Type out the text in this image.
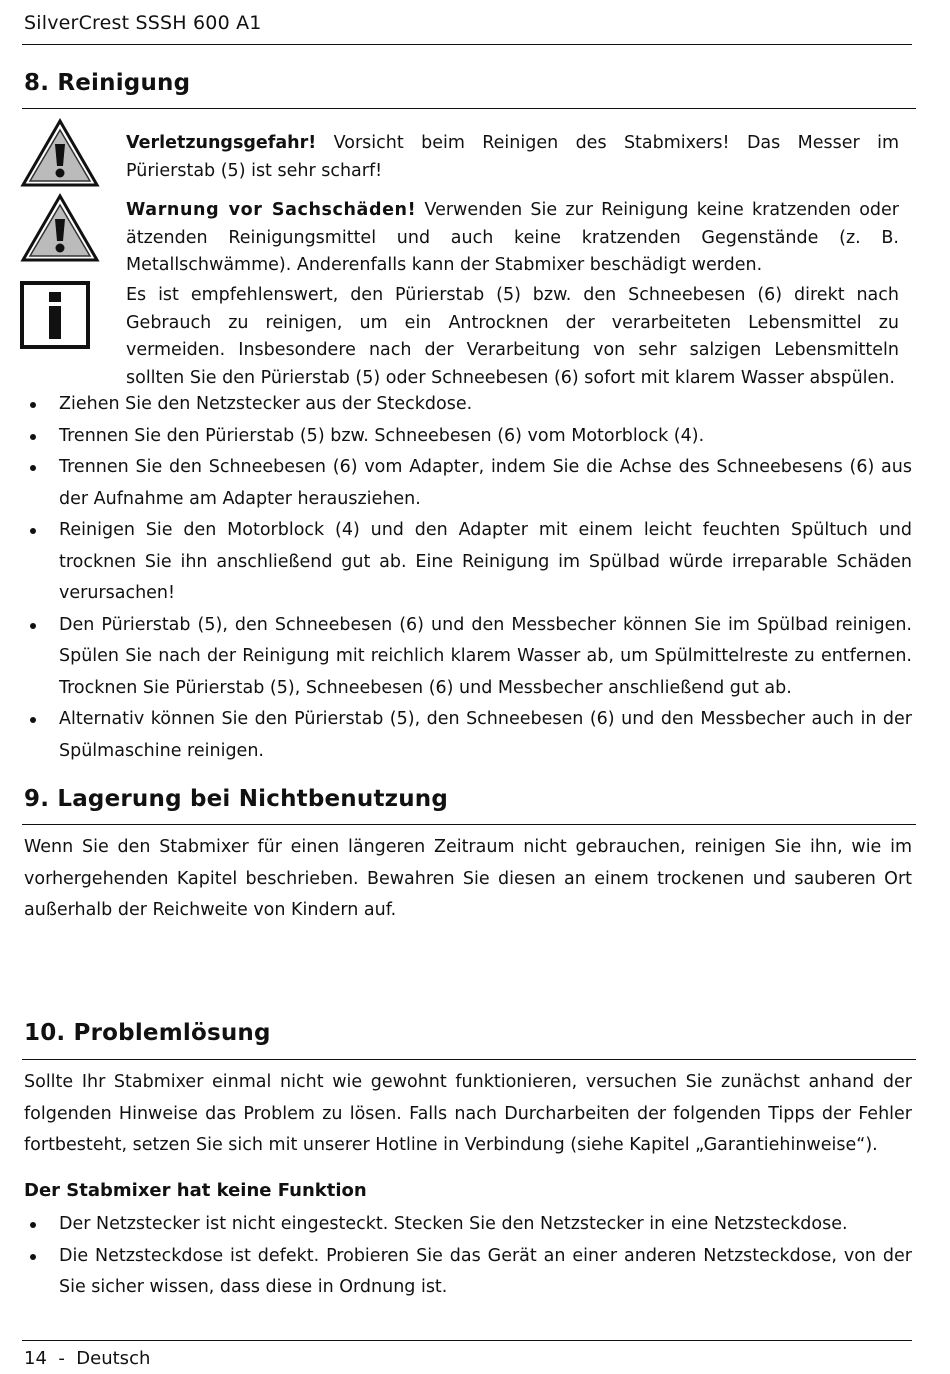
SilverCrest SSSH 600 A1
8. Reinigung
Verletzungsgefahr! Vorsicht beim Reinigen des Stabmixers! Das Messer im Pürierstab (5) ist sehr scharf!
Warnung vor Sachschäden! Verwenden Sie zur Reinigung keine kratzenden oder ätzenden Reinigungsmittel und auch keine kratzenden Gegenstände (z. B. Metallschwämme). Anderenfalls kann der Stabmixer beschädigt werden.
Es ist empfehlenswert, den Pürierstab (5) bzw. den Schneebesen (6) direkt nach Gebrauch zu reinigen, um ein Antrocknen der verarbeiteten Lebensmittel zu vermeiden. Insbesondere nach der Verarbeitung von sehr salzigen Lebensmitteln sollten Sie den Pürierstab (5) oder Schneebesen (6) sofort mit klarem Wasser abspülen.
Ziehen Sie den Netzstecker aus der Steckdose.
Trennen Sie den Pürierstab (5) bzw. Schneebesen (6) vom Motorblock (4).
Trennen Sie den Schneebesen (6) vom Adapter, indem Sie die Achse des Schneebesens (6) aus der Aufnahme am Adapter herausziehen.
Reinigen Sie den Motorblock (4) und den Adapter mit einem leicht feuchten Spültuch und trocknen Sie ihn anschließend gut ab. Eine Reinigung im Spülbad würde irreparable Schäden verursachen!
Den Pürierstab (5), den Schneebesen (6) und den Messbecher können Sie im Spülbad reinigen. Spülen Sie nach der Reinigung mit reichlich klarem Wasser ab, um Spülmittelreste zu entfernen. Trocknen Sie Pürierstab (5), Schneebesen (6) und Messbecher anschließend gut ab.
Alternativ können Sie den Pürierstab (5), den Schneebesen (6) und den Messbecher auch in der Spülmaschine reinigen.
9. Lagerung bei Nichtbenutzung
Wenn Sie den Stabmixer für einen längeren Zeitraum nicht gebrauchen, reinigen Sie ihn, wie im vorhergehenden Kapitel beschrieben. Bewahren Sie diesen an einem trockenen und sauberen Ort außerhalb der Reichweite von Kindern auf.
10. Problemlösung
Sollte Ihr Stabmixer einmal nicht wie gewohnt funktionieren, versuchen Sie zunächst anhand der folgenden Hinweise das Problem zu lösen. Falls nach Durcharbeiten der folgenden Tipps der Fehler fortbesteht, setzen Sie sich mit unserer Hotline in Verbindung (siehe Kapitel „Garantiehinweise“).
Der Stabmixer hat keine Funktion
Der Netzstecker ist nicht eingesteckt. Stecken Sie den Netzstecker in eine Netzsteckdose.
Die Netzsteckdose ist defekt. Probieren Sie das Gerät an einer anderen Netzsteckdose, von der Sie sicher wissen, dass diese in Ordnung ist.
14  -  Deutsch
